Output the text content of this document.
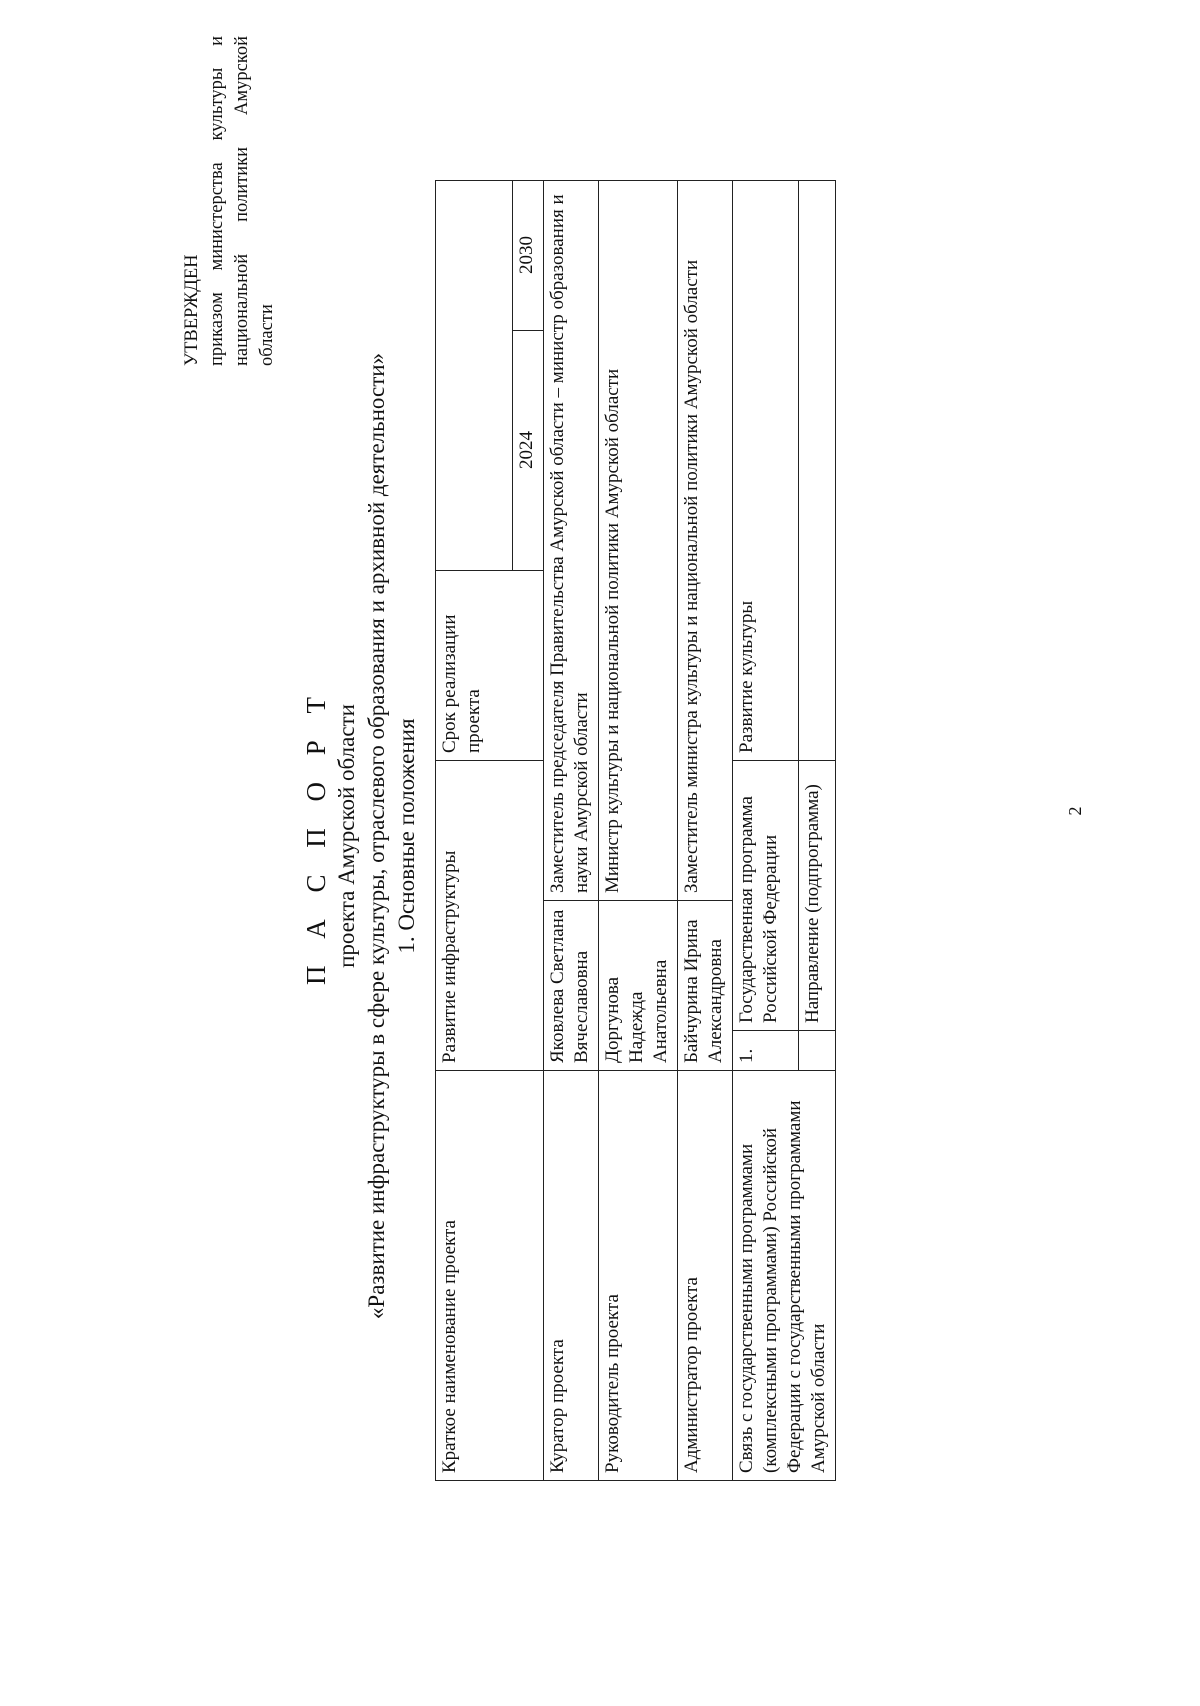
2
УТВЕРЖДЕН приказом министерства культуры и национальной политики Амурской области
П А С П О Р Т проекта Амурской области «Развитие инфраструктуры в сфере культуры, отраслевого образования и архивной деятельности» 1. Основные положения
Краткое наименование проекта	Развитие инфраструктуры			Срок реализации проекта		
					2024	2030
Куратор проекта	Яковлева Светлана Вячеславовна		Заместитель председателя Правительства Амурской области – министр образования и науки Амурской области			
Руководитель проекта	Доргунова Надежда Анатольевна		Министр культуры и национальной политики Амурской области			
Администратор проекта	Байчурина Ирина Александровна		Заместитель министра культуры и национальной политики Амурской области			
Связь с государственными программами (комплексными программами) Российской Федерации с государственными программами Амурской области	1.	Государственная программа Российской Федерации		Развитие культуры		
		Направление (подпрограмма)				
